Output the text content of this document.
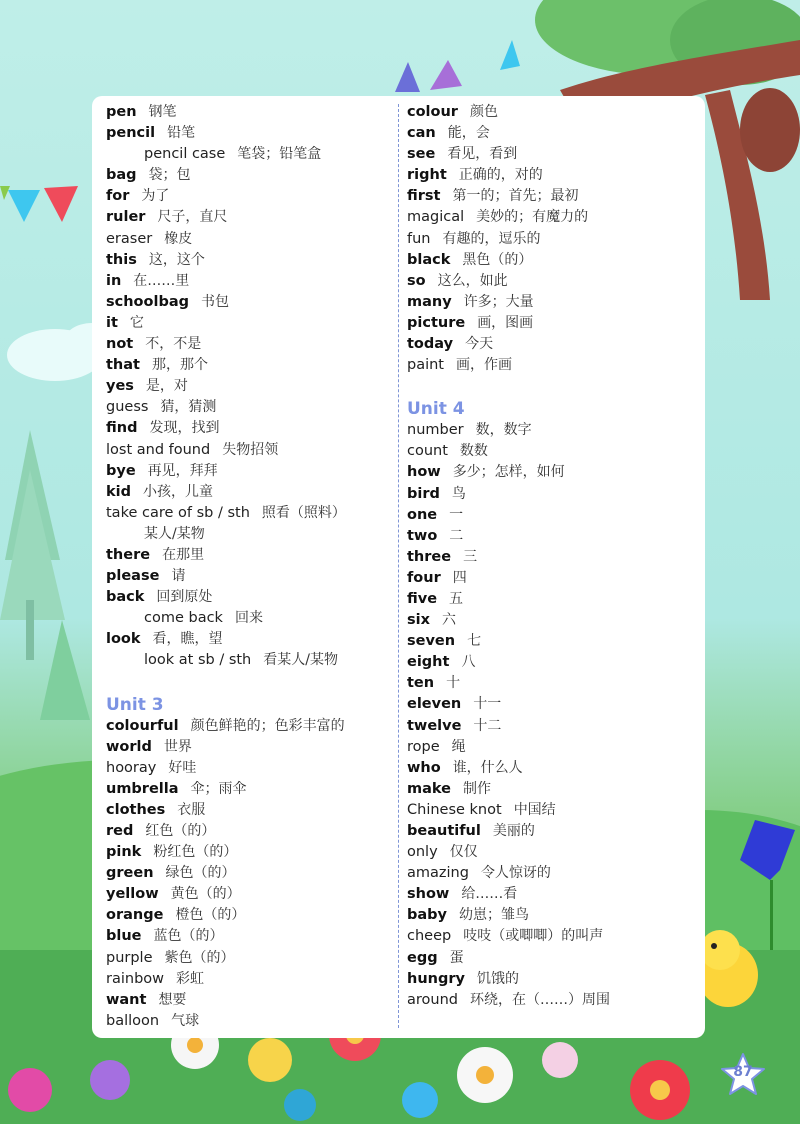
pen 钢笔
pencil 铅笔
pencil case 笔袋；铅笔盒
bag 袋；包
for 为了
ruler 尺子，直尺
eraser 橡皮
this 这，这个
in 在……里
schoolbag 书包
it 它
not 不，不是
that 那，那个
yes 是，对
guess 猜，猜测
find 发现，找到
lost and found 失物招领
bye 再见，拜拜
kid 小孩，儿童
take care of sb / sth 照看（照料）
某人/某物
there 在那里
please 请
back 回到原处
come back 回来
look 看，瞧，望
look at sb / sth 看某人/某物
Unit 3
colourful 颜色鲜艳的；色彩丰富的
world 世界
hooray 好哇
umbrella 伞；雨伞
clothes 衣服
red 红色（的）
pink 粉红色（的）
green 绿色（的）
yellow 黄色（的）
orange 橙色（的）
blue 蓝色（的）
purple 紫色（的）
rainbow 彩虹
want 想要
balloon 气球
colour 颜色
can 能，会
see 看见，看到
right 正确的，对的
first 第一的；首先；最初
magical 美妙的；有魔力的
fun 有趣的，逗乐的
black 黑色（的）
so 这么，如此
many 许多；大量
picture 画，图画
today 今天
paint 画，作画
Unit 4
number 数，数字
count 数数
how 多少；怎样，如何
bird 鸟
one 一
two 二
three 三
four 四
five 五
six 六
seven 七
eight 八
ten 十
eleven 十一
twelve 十二
rope 绳
who 谁，什么人
make 制作
Chinese knot 中国结
beautiful 美丽的
only 仅仅
amazing 令人惊讶的
show 给……看
baby 幼崽；雏鸟
cheep 吱吱（或唧唧）的叫声
egg 蛋
hungry 饥饿的
around 环绕，在（……）周围
87
